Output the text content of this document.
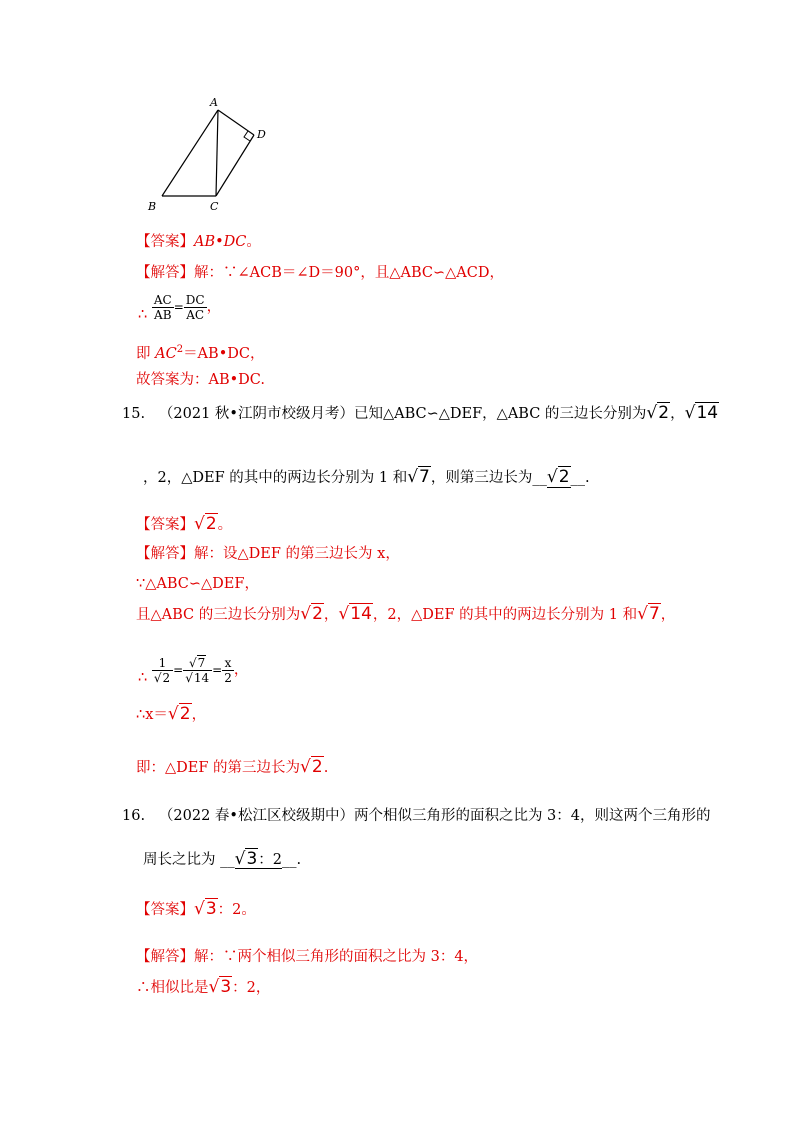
A
D
B	C
【答案】AB•DC。
【解答】解：∵∠ACB＝∠D＝90°，且△ABC∽△ACD，
∴ $\frac{AC}{AB} = \frac{DC}{AC}$ ，
即 $AC^2=AB•DC$，
故答案为：AB•DC.
15. （2021 秋•江阴市校级月考）已知△ABC∽△DEF，△ABC 的三边长分别为√2，√14
，2，△DEF 的其中的两边长分别为 1 和√7，则第三边长为__√2__.
【答案】√2。
【解答】解：设△DEF 的第三边长为 x，
∵△ABC∽△DEF，
且△ABC 的三边长分别为√2，√14，2，△DEF 的其中的两边长分别为 1 和√7，
∴ $\frac{1}{√2} = \frac{√7}{√14} = \frac{x}{2}$ ，
∴x＝√2，
即：△DEF 的第三边长为√2.
16. （2022 春•松江区校级期中）两个相似三角形的面积之比为 3：4，则这两个三角形的
周长之比为 __√3：2__.
【答案】√3：2。
【解答】解：∵两个相似三角形的面积之比为 3：4，
∴相似比是√3：2，
